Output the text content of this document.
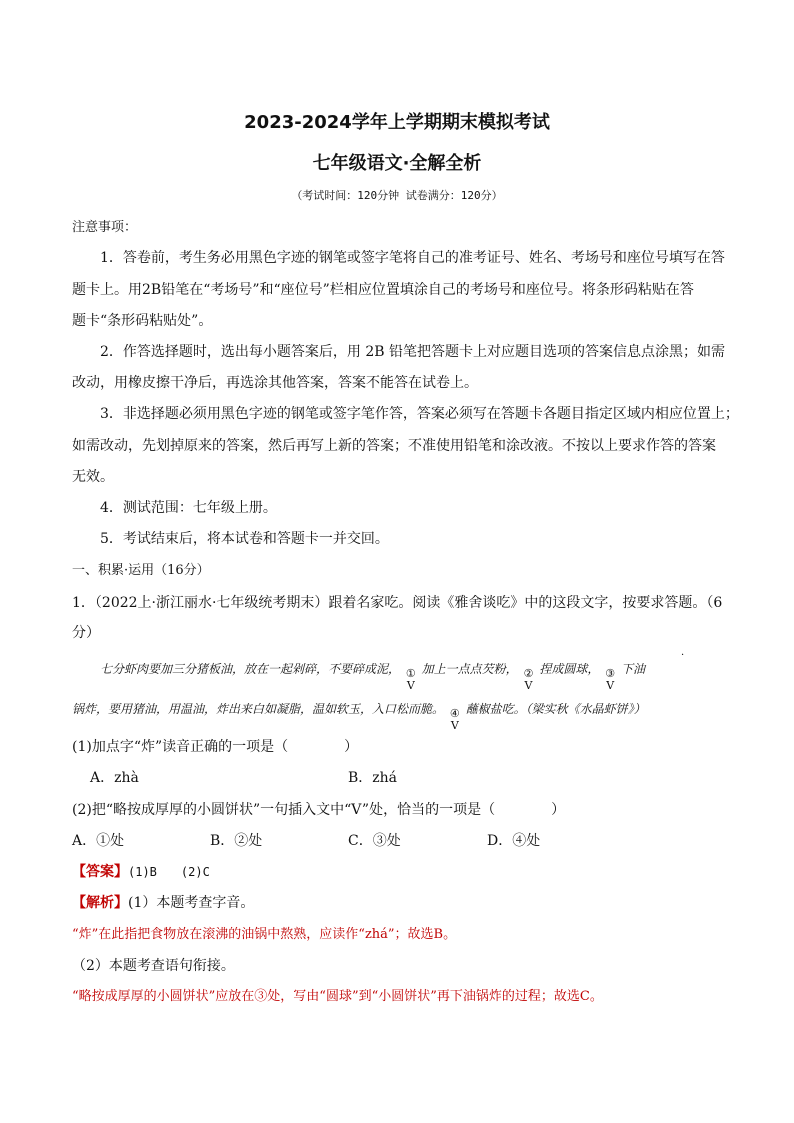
2023-2024学年上学期期末模拟考试
七年级语文·全解全析
（考试时间：120分钟 试卷满分：120分）
注意事项：
1．答卷前，考生务必用黑色字迹的钢笔或签字笔将自己的准考证号、姓名、考场号和座位号填写在答
题卡上。用2B铅笔在“考场号”和“座位号”栏相应位置填涂自己的考场号和座位号。将条形码粘贴在答
题卡“条形码粘贴处”。
2．作答选择题时，选出每小题答案后，用 2B 铅笔把答题卡上对应题目选项的答案信息点涂黑；如需
改动，用橡皮擦干净后，再选涂其他答案，答案不能答在试卷上。
3．非选择题必须用黑色字迹的钢笔或签字笔作答，答案必须写在答题卡各题目指定区域内相应位置上；
如需改动，先划掉原来的答案，然后再写上新的答案；不准使用铅笔和涂改液。不按以上要求作答的答案
无效。
4．测试范围：七年级上册。
5．考试结束后，将本试卷和答题卡一并交回。
一、积累·运用（16分）
1．（2022上·浙江丽水·七年级统考期末）跟着名家吃。阅读《雅舍谈吃》中的这段文字，按要求答题。（6
分）
七分虾肉要加三分猪板油，放在一起剁碎，不要碎成泥， ①
V
加上一点点芡粉， ②
V
捏成圆球， ③
V
下油
·
锅炸，要用猪油，用温油，炸出来白如凝脂，温如软玉，入口松而脆。 ④
V
蘸椒盐吃。（梁实秋《水晶虾饼》）
(1)加点字“炸”读音正确的一项是（　　　　）
A．zhà	B．zhá
(2)把“略按成厚厚的小圆饼状”一句插入文中“V”处，恰当的一项是（　　　　）
A．①处	B．②处	C．③处	D．④处
【答案】(1)B　　(2)C
【解析】(1）本题考查字音。
“炸”在此指把食物放在滚沸的油锅中熬熟，应读作“zhá”；故选B。
（2）本题考查语句衔接。
“略按成厚厚的小圆饼状”应放在③处，写由“圆球”到“小圆饼状”再下油锅炸的过程；故选C。
